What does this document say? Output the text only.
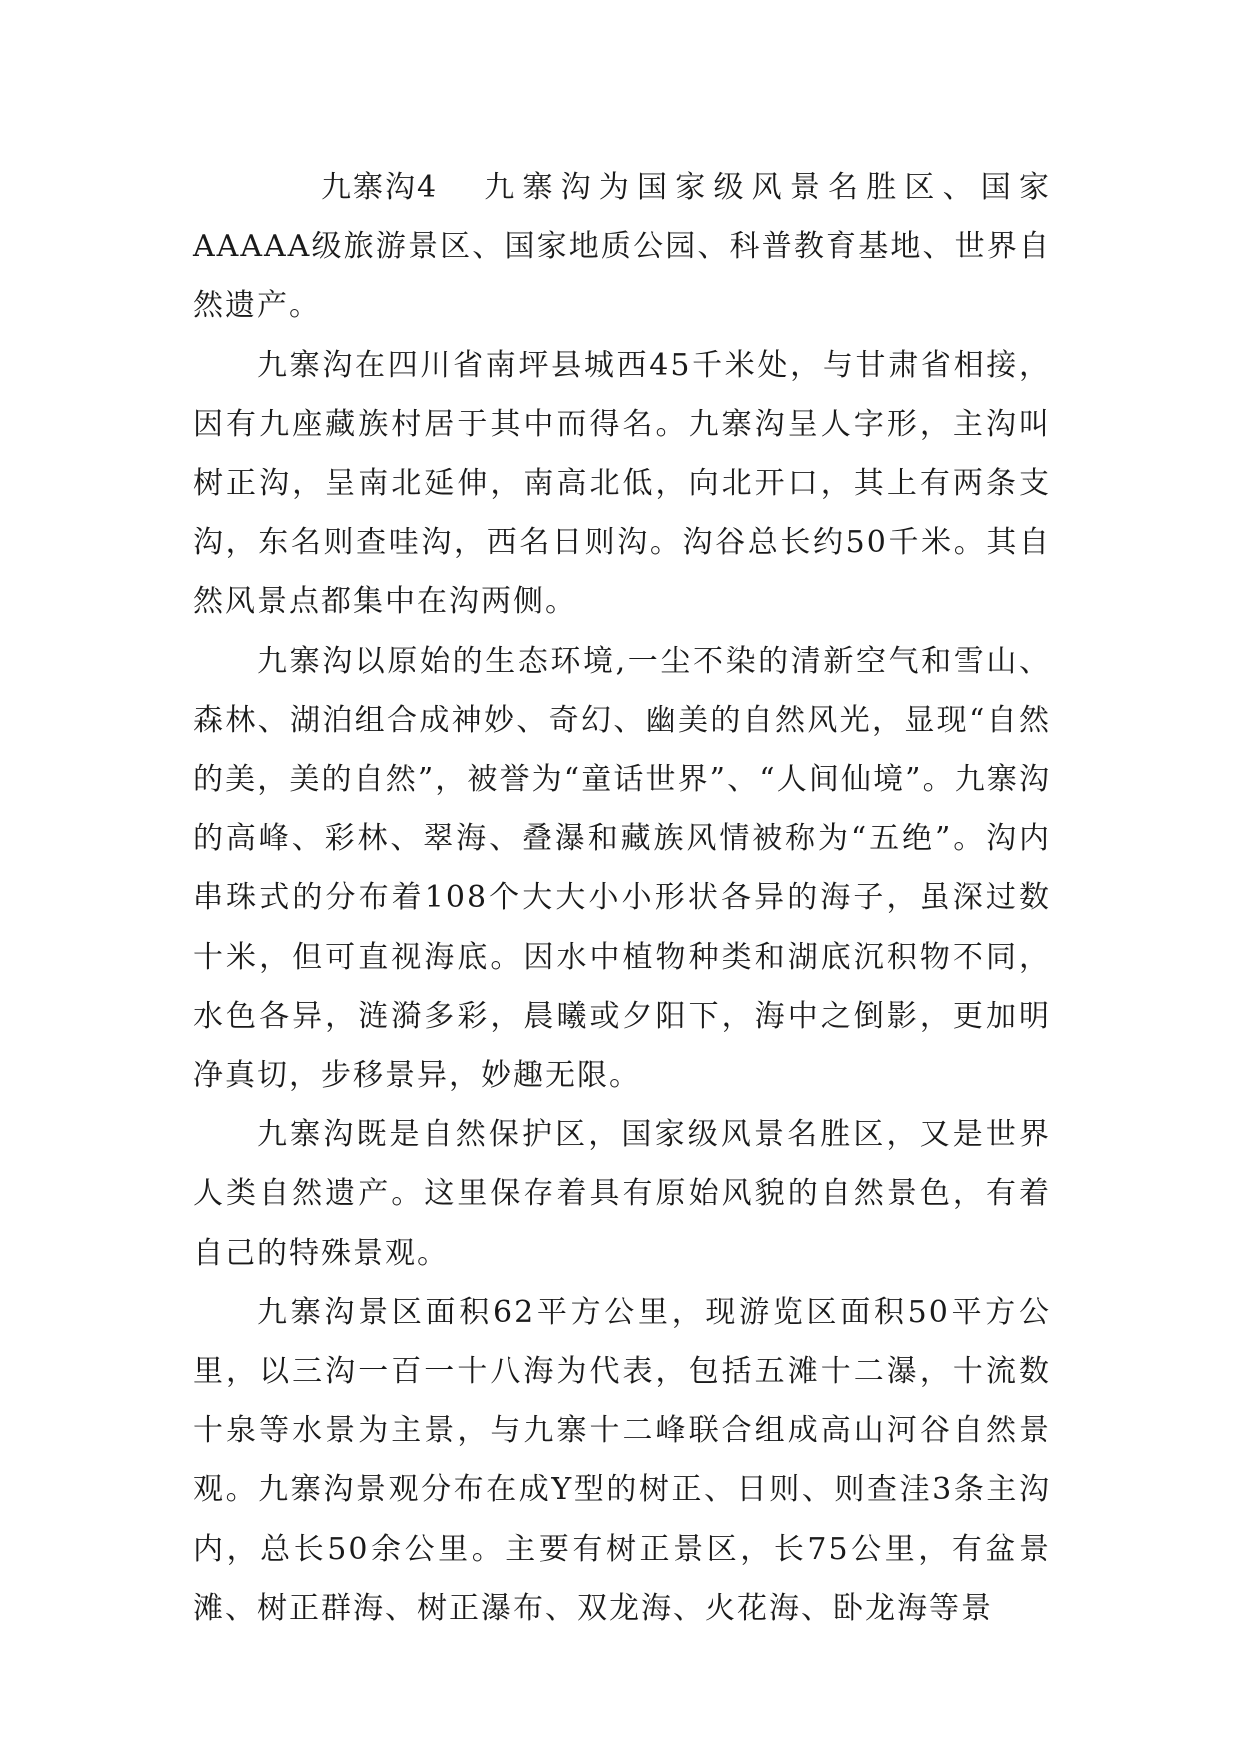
九寨沟4 九寨沟为国家级风景名胜区、国家AAAAA级旅游景区、国家地质公园、科普教育基地、世界自然遗产。

九寨沟在四川省南坪县城西45千米处，与甘肃省相接，因有九座藏族村居于其中而得名。九寨沟呈人字形，主沟叫树正沟，呈南北延伸，南高北低，向北开口，其上有两条支沟，东名则查哇沟，西名日则沟。沟谷总长约50千米。其自然风景点都集中在沟两侧。

九寨沟以原始的生态环境,一尘不染的清新空气和雪山、森林、湖泊组合成神妙、奇幻、幽美的自然风光，显现“自然的美，美的自然”，被誉为“童话世界”、“人间仙境”。九寨沟的高峰、彩林、翠海、叠瀑和藏族风情被称为“五绝”。沟内串珠式的分布着108个大大小小形状各异的海子，虽深过数十米，但可直视海底。因水中植物种类和湖底沉积物不同，水色各异，涟漪多彩，晨曦或夕阳下，海中之倒影，更加明净真切，步移景异，妙趣无限。

九寨沟既是自然保护区，国家级风景名胜区，又是世界人类自然遗产。这里保存着具有原始风貌的自然景色，有着自己的特殊景观。

九寨沟景区面积62平方公里，现游览区面积50平方公里，以三沟一百一十八海为代表，包括五滩十二瀑，十流数十泉等水景为主景，与九寨十二峰联合组成高山河谷自然景观。九寨沟景观分布在成Y型的树正、日则、则查洼3条主沟内，总长50余公里。主要有树正景区，长75公里，有盆景滩、树正群海、树正瀑布、双龙海、火花海、卧龙海等景
